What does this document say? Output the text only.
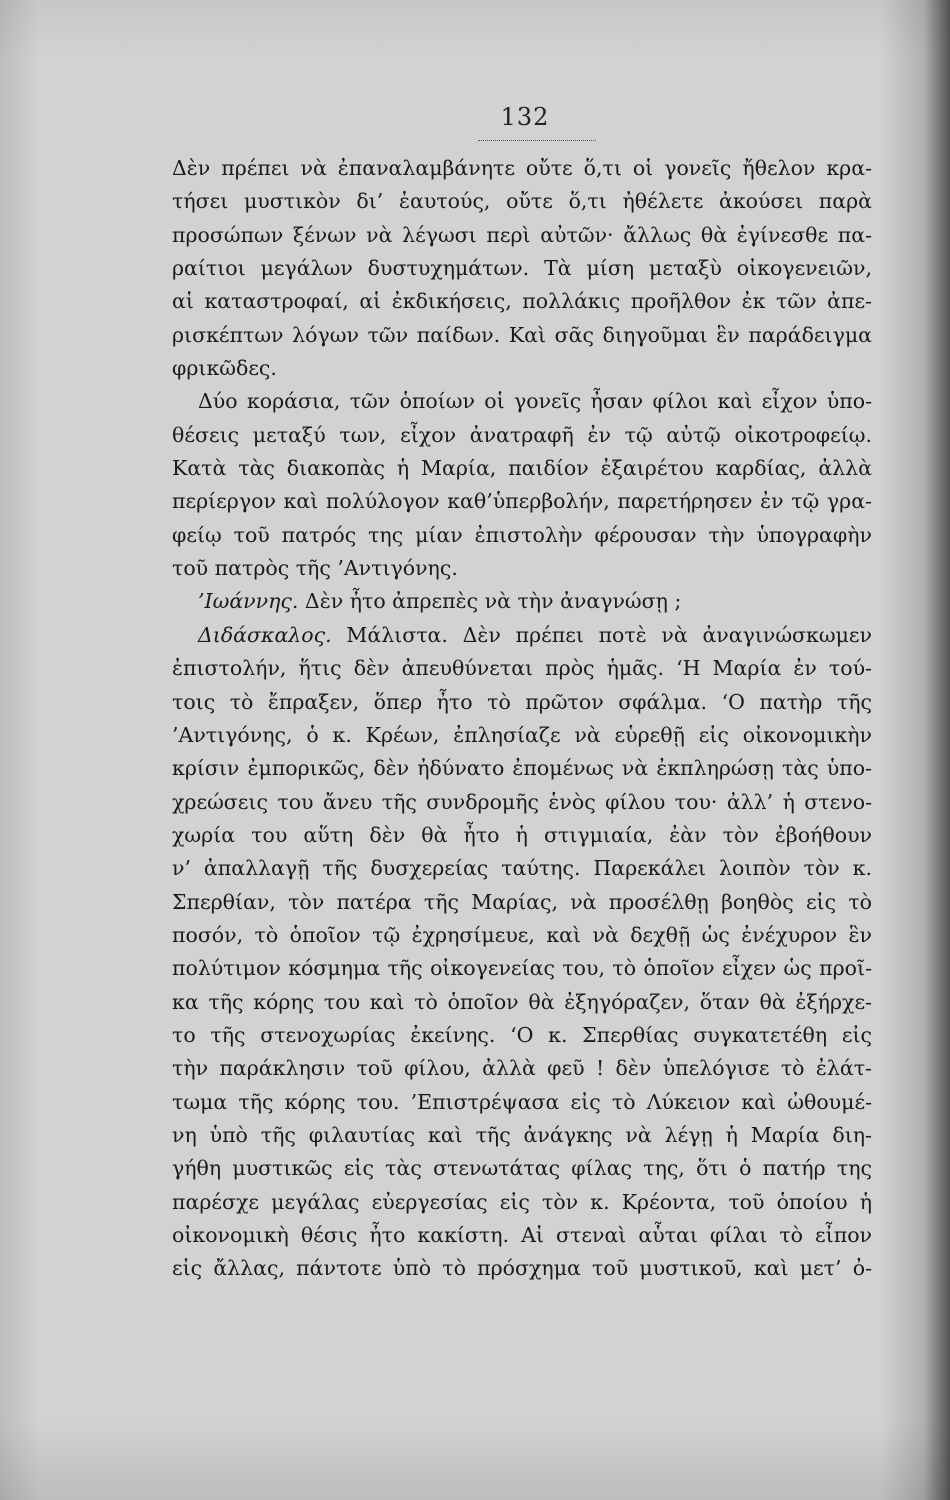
132
Δὲν πρέπει νὰ ἐπαναλαμβάνητε οὔτε ὅ,τι οἱ γονεῖς ἤθελον κρα-
τήσει μυστικὸν δι’ ἑαυτούς, οὔτε ὅ,τι ἠθέλετε ἀκούσει παρὰ
προσώπων ξένων νὰ λέγωσι περὶ αὐτῶν· ἄλλως θὰ ἐγίνεσθε πα-
ραίτιοι μεγάλων δυστυχημάτων. Τὰ μίση μεταξὺ οἰκογενειῶν,
αἱ καταστροφαί, αἱ ἐκδικήσεις, πολλάκις προῆλθον ἐκ τῶν ἀπε-
ρισκέπτων λόγων τῶν παίδων. Καὶ σᾶς διηγοῦμαι ἓν παράδειγμα
φρικῶδες.
Δύο κοράσια, τῶν ὁποίων οἱ γονεῖς ἦσαν φίλοι καὶ εἶχον ὑπο-
θέσεις μεταξύ των, εἶχον ἀνατραφῆ ἐν τῷ αὐτῷ οἰκοτροφείῳ.
Κατὰ τὰς διακοπὰς ἡ Μαρία, παιδίον ἐξαιρέτου καρδίας, ἀλλὰ
περίεργον καὶ πολύλογον καθ’ὑπερβολήν, παρετήρησεν ἐν τῷ γρα-
φείῳ τοῦ πατρός της μίαν ἐπιστολὴν φέρουσαν τὴν ὑπογραφὴν
τοῦ πατρὸς τῆς ’Αντιγόνης.
’Ιωάννης. Δὲν ἦτο ἀπρεπὲς νὰ τὴν ἀναγνώσῃ ;
Διδάσκαλος. Μάλιστα. Δὲν πρέπει ποτὲ νὰ ἀναγινώσκωμεν
ἐπιστολήν, ἥτις δὲν ἀπευθύνεται πρὸς ἡμᾶς. ‘Η Μαρία ἐν τού-
τοις τὸ ἔπραξεν, ὅπερ ἦτο τὸ πρῶτον σφάλμα. ‘Ο πατὴρ τῆς
’Αντιγόνης, ὁ κ. Κρέων, ἐπλησίαζε νὰ εὑρεθῇ εἰς οἰκονομικὴν
κρίσιν ἐμπορικῶς, δὲν ἠδύνατο ἐπομένως νὰ ἐκπληρώσῃ τὰς ὑπο-
χρεώσεις του ἄνευ τῆς συνδρομῆς ἑνὸς φίλου του· ἀλλ’ ἡ στενο-
χωρία του αὕτη δὲν θὰ ἦτο ἡ στιγμιαία, ἐὰν τὸν ἐβοήθουν
ν’ ἀπαλλαγῇ τῆς δυσχερείας ταύτης. Παρεκάλει λοιπὸν τὸν κ.
Σπερθίαν, τὸν πατέρα τῆς Μαρίας, νὰ προσέλθῃ βοηθὸς εἰς τὸ
ποσόν, τὸ ὁποῖον τῷ ἐχρησίμευε, καὶ νὰ δεχθῇ ὡς ἐνέχυρον ἓν
πολύτιμον κόσμημα τῆς οἰκογενείας του, τὸ ὁποῖον εἶχεν ὡς προῖ-
κα τῆς κόρης του καὶ τὸ ὁποῖον θὰ ἐξηγόραζεν, ὅταν θὰ ἐξήρχε-
το τῆς στενοχωρίας ἐκείνης. ‘Ο κ. Σπερθίας συγκατετέθη εἰς
τὴν παράκλησιν τοῦ φίλου, ἀλλὰ φεῦ ! δὲν ὑπελόγισε τὸ ἐλάτ-
τωμα τῆς κόρης του. ’Επιστρέψασα εἰς τὸ Λύκειον καὶ ὠθουμέ-
νη ὑπὸ τῆς φιλαυτίας καὶ τῆς ἀνάγκης νὰ λέγῃ ἡ Μαρία διη-
γήθη μυστικῶς εἰς τὰς στενωτάτας φίλας της, ὅτι ὁ πατήρ της
παρέσχε μεγάλας εὐεργεσίας εἰς τὸν κ. Κρέοντα, τοῦ ὁποίου ἡ
οἰκονομικὴ θέσις ἦτο κακίστη. Αἱ στεναὶ αὗται φίλαι τὸ εἶπον
εἰς ἄλλας, πάντοτε ὑπὸ τὸ πρόσχημα τοῦ μυστικοῦ, καὶ μετ’ ὀ-
